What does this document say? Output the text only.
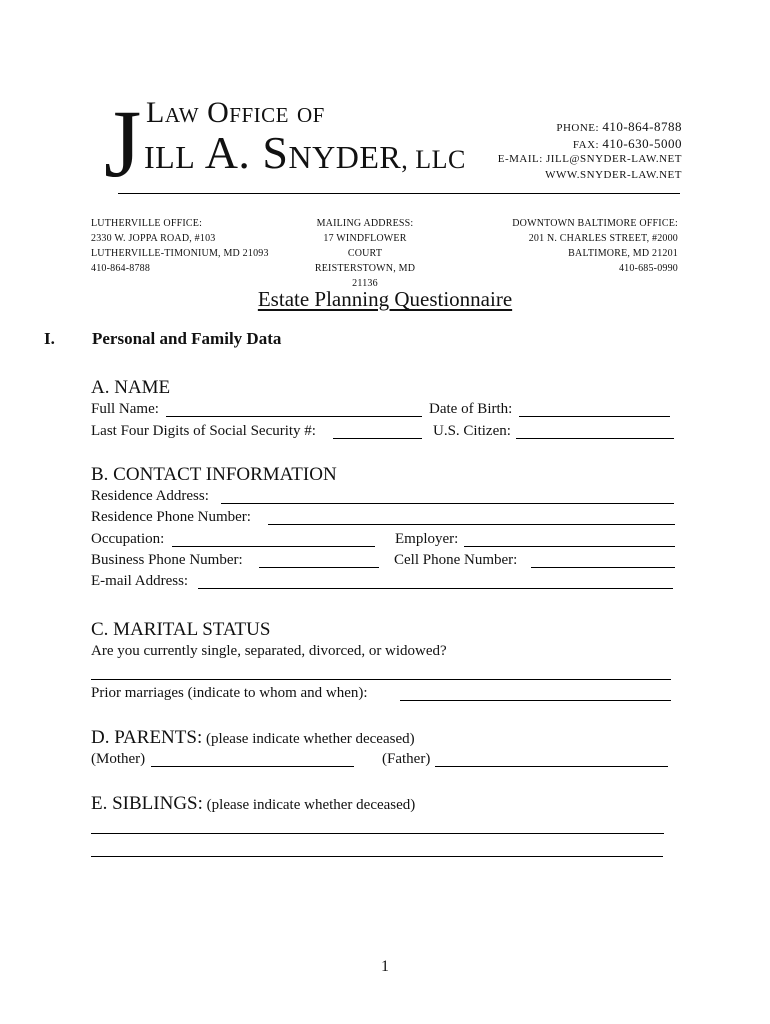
J Law Office of
ill A. Snyder, LLC
PHONE: 410-864-8788
FAX: 410-630-5000
E-MAIL: JILL@SNYDER-LAW.NET
WWW.SNYDER-LAW.NET
LUTHERVILLE OFFICE:
2330 W. JOPPA ROAD, #103
LUTHERVILLE-TIMONIUM, MD 21093
410-864-8788
MAILING ADDRESS:
17 WINDFLOWER COURT
REISTERSTOWN, MD 21136
DOWNTOWN BALTIMORE OFFICE:
201 N. CHARLES STREET, #2000
BALTIMORE, MD 21201
410-685-0990
Estate Planning Questionnaire
I. Personal and Family Data
A. NAME
Full Name:	Date of Birth:
Last Four Digits of Social Security #:	U.S. Citizen:
B. CONTACT INFORMATION
Residence Address:
Residence Phone Number:
Occupation:	Employer:
Business Phone Number:	Cell Phone Number:
E-mail Address:
C. MARITAL STATUS
Are you currently single, separated, divorced, or widowed?
Prior marriages (indicate to whom and when):
D. PARENTS: (please indicate whether deceased)
(Mother)	(Father)
E. SIBLINGS: (please indicate whether deceased)
1
